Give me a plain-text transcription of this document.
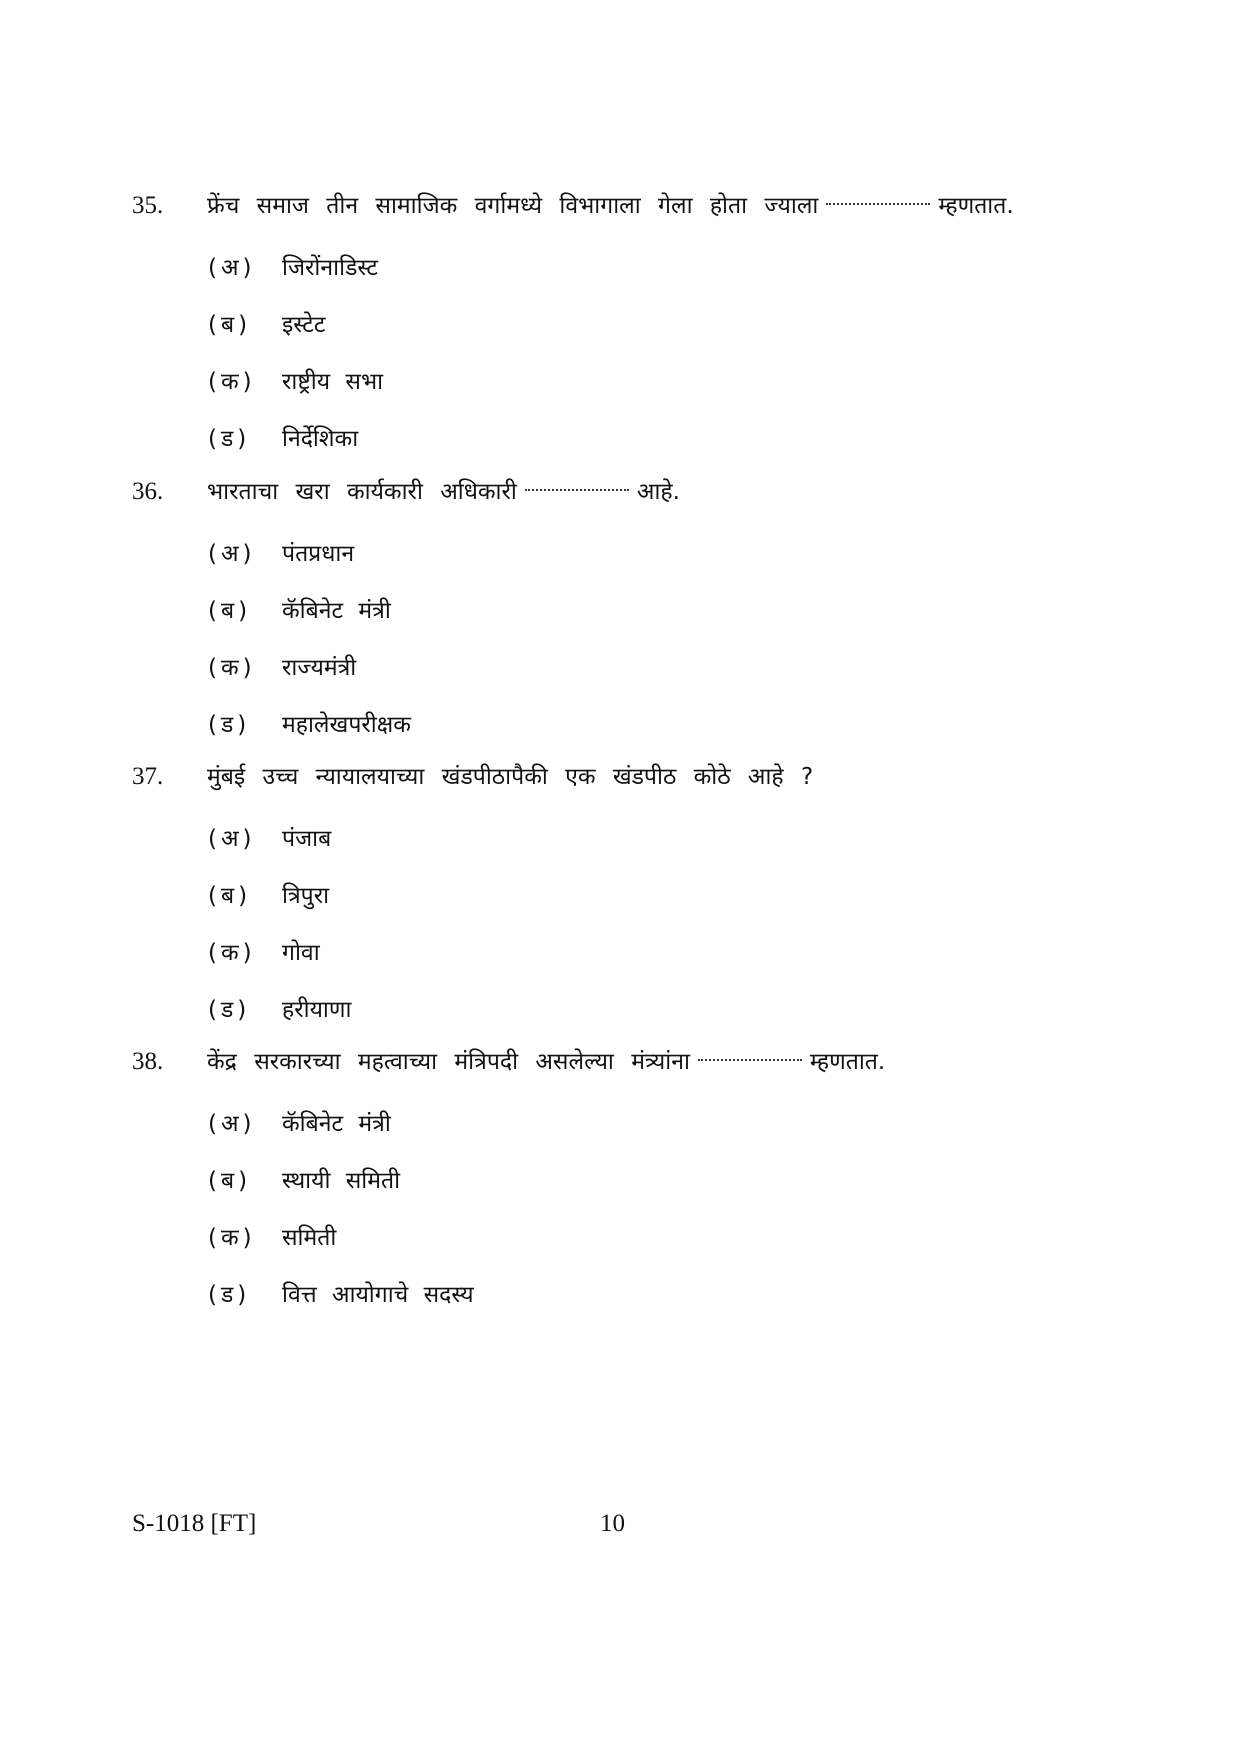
35. फ्रेंच समाज तीन सामाजिक वर्गामध्ये विभागाला गेला होता ज्याला	म्हणतात.
(अ) जिरोंनाडिस्ट
(ब) इस्टेट
(क) राष्ट्रीय सभा
(ड) निर्देशिका
36. भारताचा खरा कार्यकारी अधिकारी	आहे.
(अ) पंतप्रधान
(ब) कॅबिनेट मंत्री
(क) राज्यमंत्री
(ड) महालेखपरीक्षक
37. मुंबई उच्च न्यायालयाच्या खंडपीठापैकी एक खंडपीठ कोठे आहे ?
(अ) पंजाब
(ब) त्रिपुरा
(क) गोवा
(ड) हरीयाणा
38. केंद्र सरकारच्या महत्वाच्या मंत्रिपदी असलेल्या मंत्र्यांना	म्हणतात.
(अ) कॅबिनेट मंत्री
(ब) स्थायी समिती
(क) समिती
(ड) वित्त आयोगाचे सदस्य
S-1018 [FT]	10
